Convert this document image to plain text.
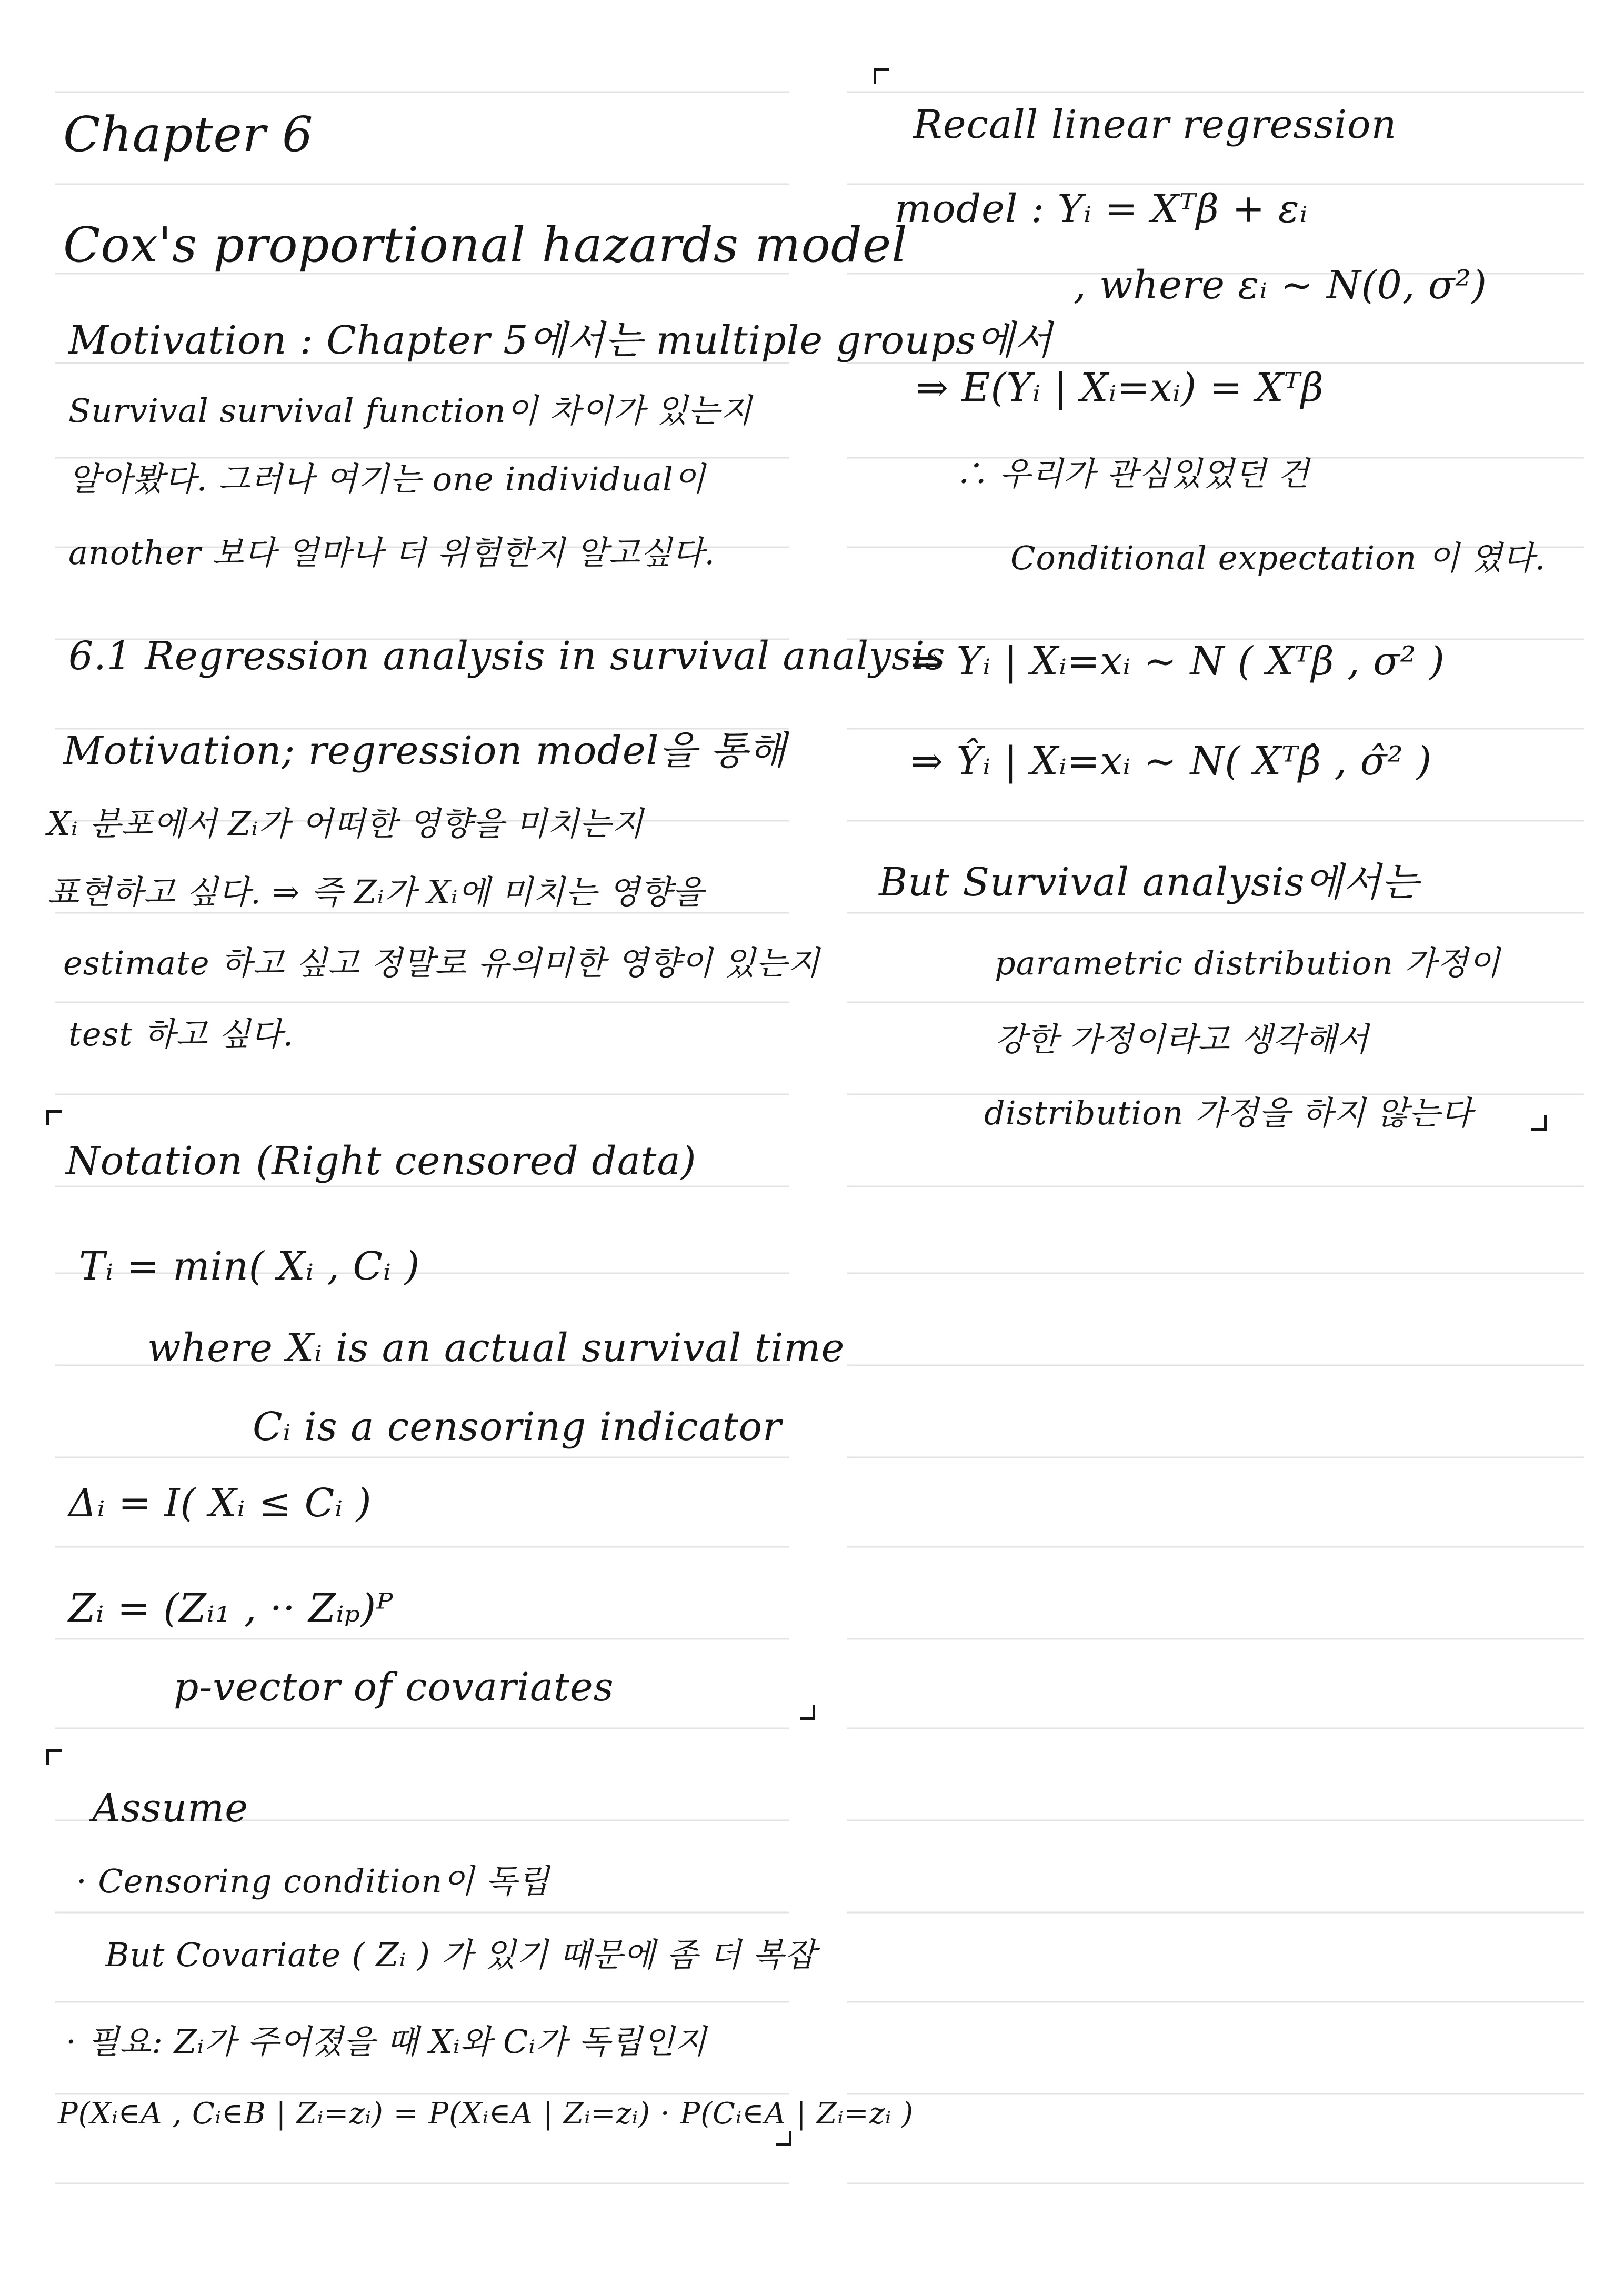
Chapter 6
Cox's proportional hazards model
Motivation : Chapter 5에서는 multiple groups에서
Survival survival function이 차이가 있는지
알아봤다. 그러나 여기는 one individual이
another 보다 얼마나 더 위험한지 알고싶다.
6.1 Regression analysis in survival analysis
Motivation; regression model을 통해
Xᵢ 분포에서 Zᵢ가 어떠한 영향을 미치는지
표현하고 싶다. ⇒ 즉 Zᵢ가 Xᵢ에 미치는 영향을
estimate 하고 싶고 정말로 유의미한 영향이 있는지
test 하고 싶다.
Notation (Right censored data)
Tᵢ = min( Xᵢ , Cᵢ )
where Xᵢ is an actual survival time
Cᵢ is a censoring indicator
Δᵢ = I( Xᵢ ≤ Cᵢ )
Zᵢ = (Zᵢ₁ , ·· Zᵢₚ)ᴾ
p-vector of covariates
Assume
· Censoring condition이 독립
But Covariate ( Zᵢ ) 가 있기 때문에 좀 더 복잡
· 필요: Zᵢ가 주어졌을 때 Xᵢ와 Cᵢ가 독립인지
P(Xᵢ∈A , Cᵢ∈B | Zᵢ=zᵢ) = P(Xᵢ∈A | Zᵢ=zᵢ) · P(Cᵢ∈A | Zᵢ=zᵢ )
Recall linear regression
model : Yᵢ = Xᵀβ + εᵢ
, where εᵢ ~ N(0, σ²)
⇒ E(Yᵢ | Xᵢ=xᵢ) = Xᵀβ
∴ 우리가 관심있었던 건
Conditional expectation 이 였다.
⇒ Yᵢ | Xᵢ=xᵢ ~ N ( Xᵀβ , σ² )
⇒ Ŷᵢ | Xᵢ=xᵢ ~ N( Xᵀβ̂ , σ̂² )
But Survival analysis에서는
parametric distribution 가정이
강한 가정이라고 생각해서
distribution 가정을 하지 않는다
